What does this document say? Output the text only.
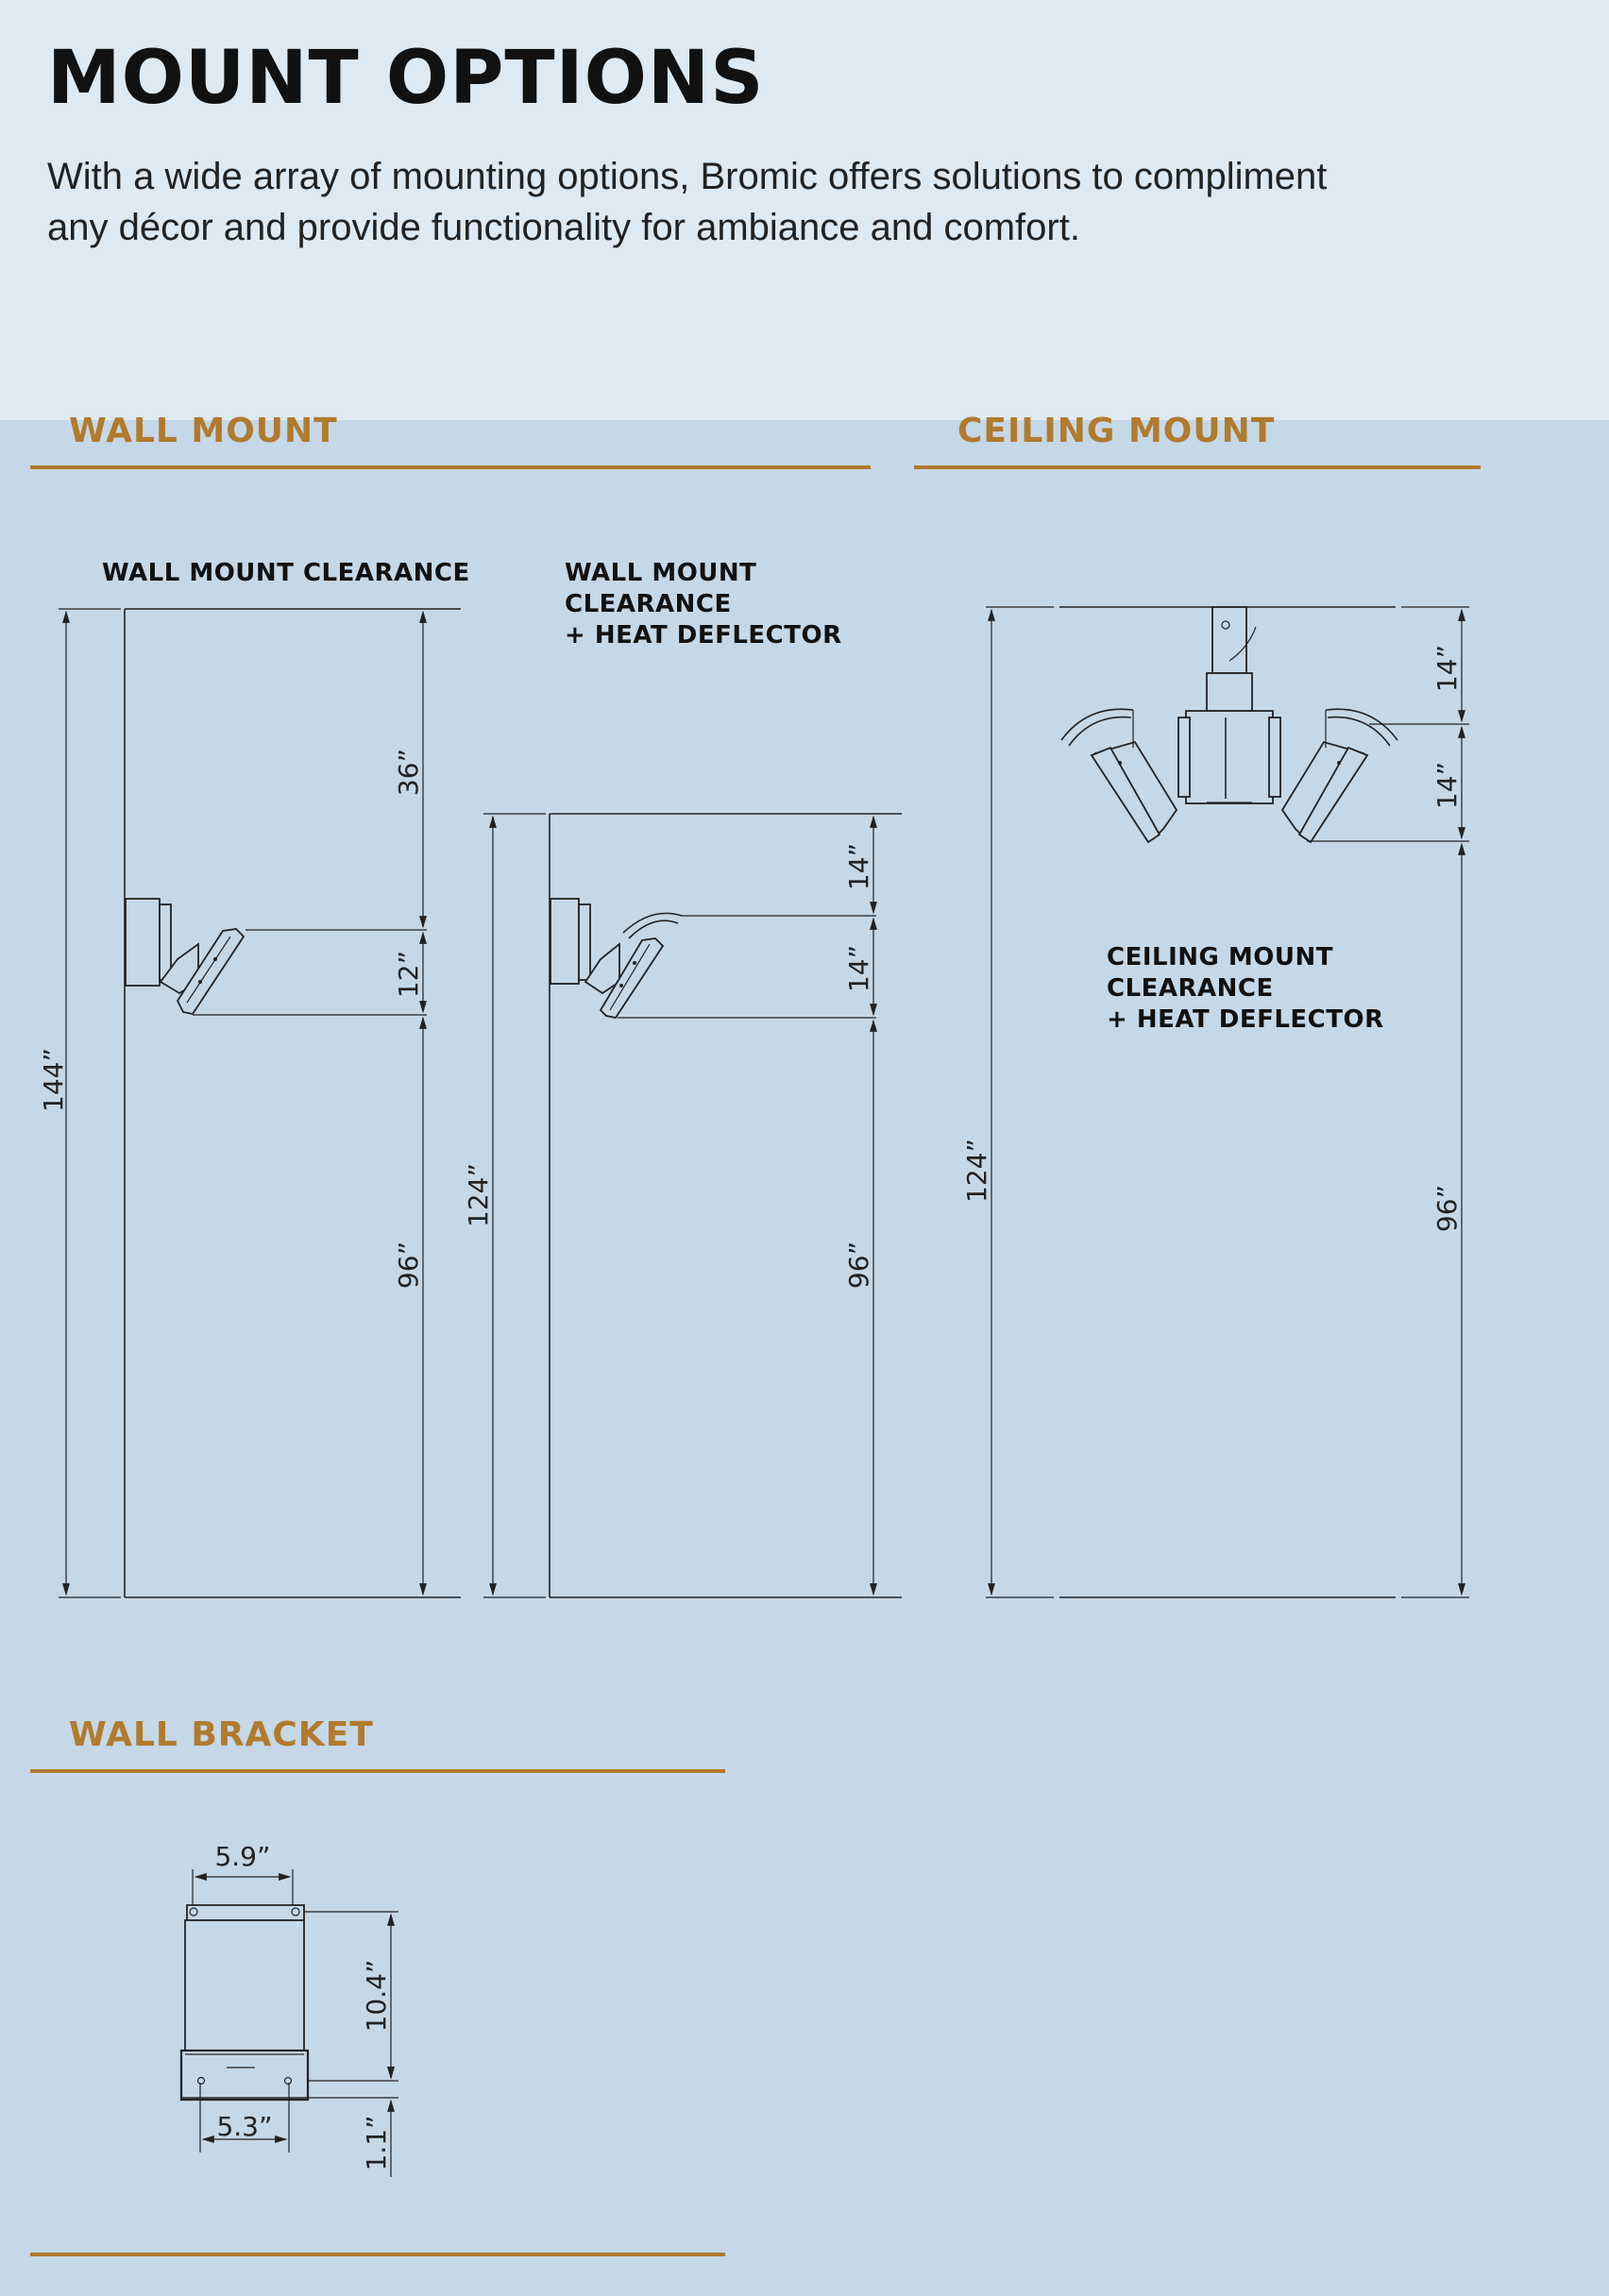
MOUNT OPTIONS

With a wide array of mounting options, Bromic offers solutions to compliment any décor and provide functionality for ambiance and comfort.

WALL MOUNT	CEILING MOUNT
WALL BRACKET
WALL MOUNT CLEARANCE	WALL MOUNT
CLEARANCE
+ HEAT DEFLECTOR
CEILING MOUNT
CLEARANCE
+ HEAT DEFLECTOR
144”
36”
12”
96”
124”
14”
14”
96”
124”
14”
14”
96”
5.9”
5.3”
10.4”
1.1”
